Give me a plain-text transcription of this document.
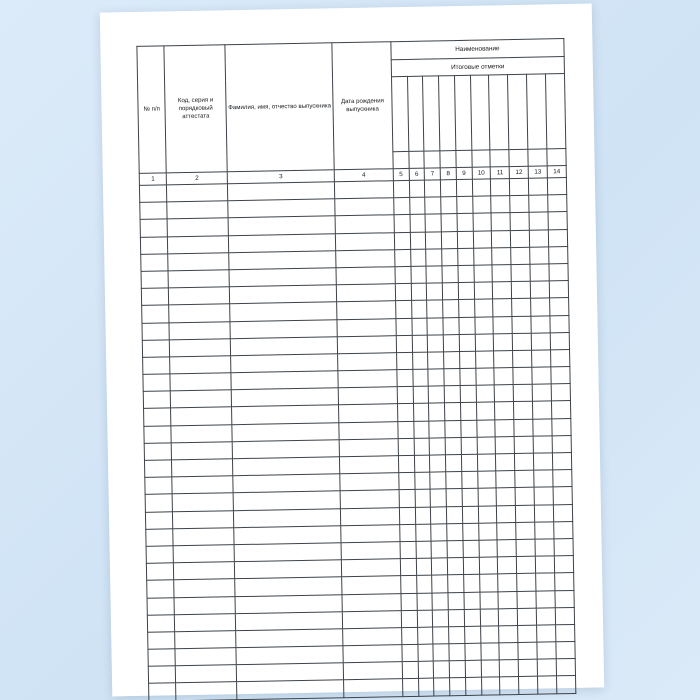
№ п/п	Код, серия и порядковый аттестата	Фамилия, имя, отчество выпускника	Дата рождения выпускника	Наименование									
				Итоговые отметки									

1	2	3	4	5	6	7	8	9	10	11	12	13	14
